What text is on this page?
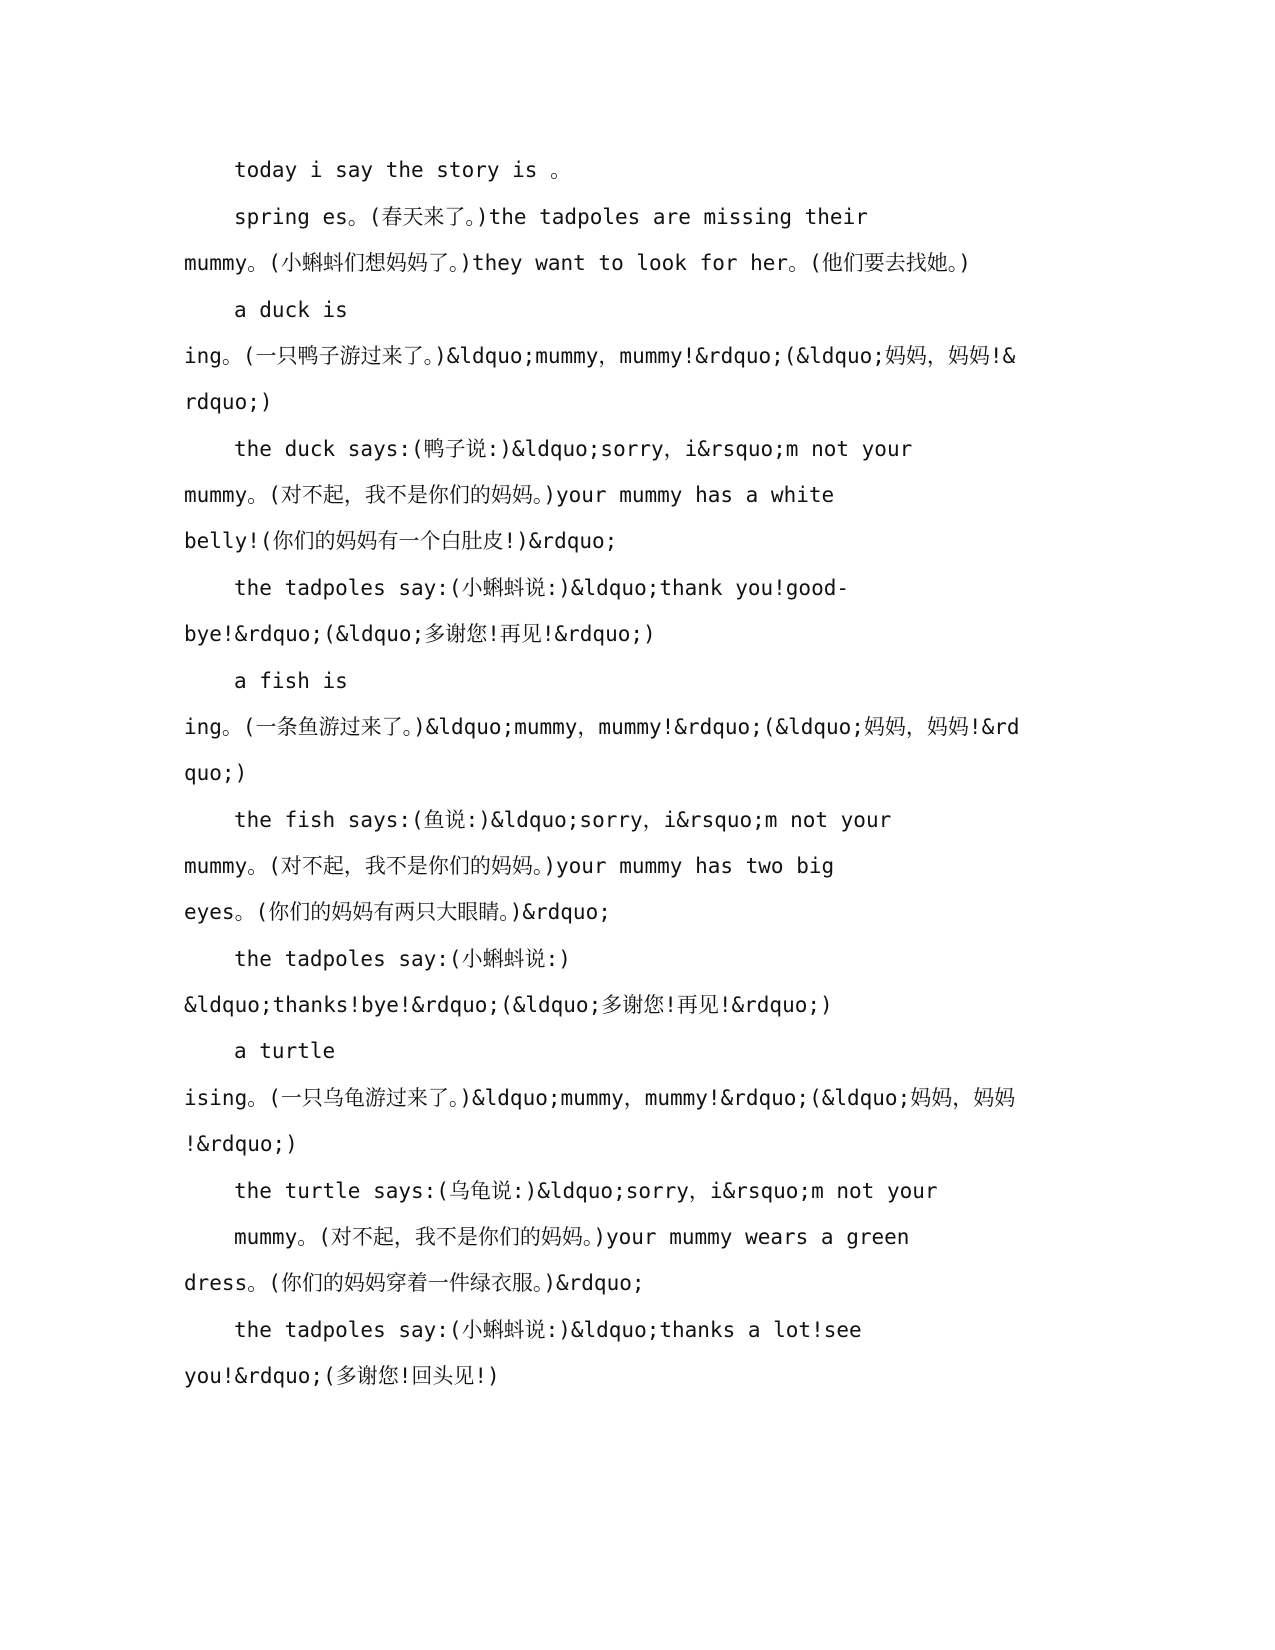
today i say the story is 。
spring es。(春天来了。)the tadpoles are missing their
mummy。(小蝌蚪们想妈妈了。)they want to look for her。(他们要去找她。)
a duck is
ing。(一只鸭子游过来了。)&ldquo;mummy，mummy!&rdquo;(&ldquo;妈妈，妈妈!&
rdquo;)
the duck says:(鸭子说:)&ldquo;sorry，i&rsquo;m not your
mummy。(对不起，我不是你们的妈妈。)your mummy has a white
belly!(你们的妈妈有一个白肚皮!)&rdquo;
the tadpoles say:(小蝌蚪说:)&ldquo;thank you!good-
bye!&rdquo;(&ldquo;多谢您!再见!&rdquo;)
a fish is
ing。(一条鱼游过来了。)&ldquo;mummy，mummy!&rdquo;(&ldquo;妈妈，妈妈!&rd
quo;)
the fish says:(鱼说:)&ldquo;sorry，i&rsquo;m not your
mummy。(对不起，我不是你们的妈妈。)your mummy has two big
eyes。(你们的妈妈有两只大眼睛。)&rdquo;
the tadpoles say:(小蝌蚪说:)
&ldquo;thanks!bye!&rdquo;(&ldquo;多谢您!再见!&rdquo;)
a turtle
ising。(一只乌龟游过来了。)&ldquo;mummy，mummy!&rdquo;(&ldquo;妈妈，妈妈
!&rdquo;)
the turtle says:(乌龟说:)&ldquo;sorry，i&rsquo;m not your
mummy。(对不起，我不是你们的妈妈。)your mummy wears a green
dress。(你们的妈妈穿着一件绿衣服。)&rdquo;
the tadpoles say:(小蝌蚪说:)&ldquo;thanks a lot!see
you!&rdquo;(多谢您!回头见!)
